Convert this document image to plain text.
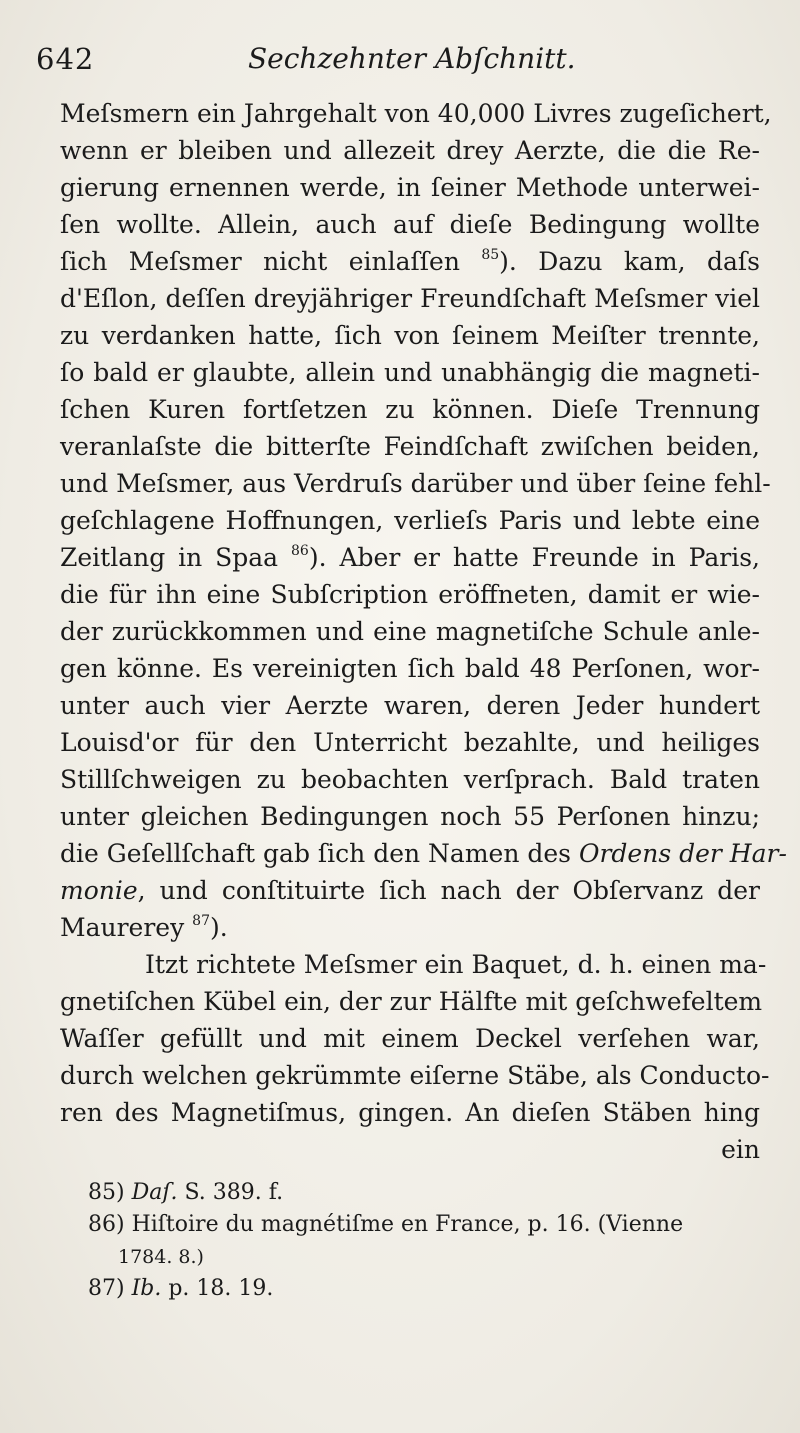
642	Sechzehnter Abſchnitt.
Meſsmern ein Jahrgehalt von 40,000 Livres zugeſichert,
wenn er bleiben und allezeit drey Aerzte, die die Re-
gierung ernennen werde, in ſeiner Methode unterwei-
ſen wollte. Allein, auch auf dieſe Bedingung wollte
ſich Meſsmer nicht einlaſſen $^{85}$). Dazu kam, daſs
d'Eſlon, deſſen dreyjähriger Freundſchaft Meſsmer viel
zu verdanken hatte, ſich von ſeinem Meiſter trennte,
ſo bald er glaubte, allein und unabhängig die magneti-
ſchen Kuren fortſetzen zu können. Dieſe Trennung
veranlaſste die bitterſte Feindſchaft zwiſchen beiden,
und Meſsmer, aus Verdruſs darüber und über ſeine fehl-
geſchlagene Hoffnungen, verlieſs Paris und lebte eine
Zeitlang in Spaa $^{86}$). Aber er hatte Freunde in Paris,
die für ihn eine Subſcription eröffneten, damit er wie-
der zurückkommen und eine magnetiſche Schule anle-
gen könne. Es vereinigten ſich bald 48 Perſonen, wor-
unter auch vier Aerzte waren, deren Jeder hundert
Louisd'or für den Unterricht bezahlte, und heiliges
Stillſchweigen zu beobachten verſprach. Bald traten
unter gleichen Bedingungen noch 55 Perſonen hinzu;
die Geſellſchaft gab ſich den Namen des Ordens der Har-
monie, und conſtituirte ſich nach der Obſervanz der
Maurerey $^{87}$).
Itzt richtete Meſsmer ein Baquet, d. h. einen ma-
gnetiſchen Kübel ein, der zur Hälfte mit geſchwefeltem
Waſſer gefüllt und mit einem Deckel verſehen war,
durch welchen gekrümmte eiſerne Stäbe, als Conducto-
ren des Magnetiſmus, gingen. An dieſen Stäben hing
ein
85) Daſ. S. 389. f.
86) Hiſtoire du magnétiſme en France, p. 16. (Vienne
1784. 8.)
87) Ib. p. 18. 19.
